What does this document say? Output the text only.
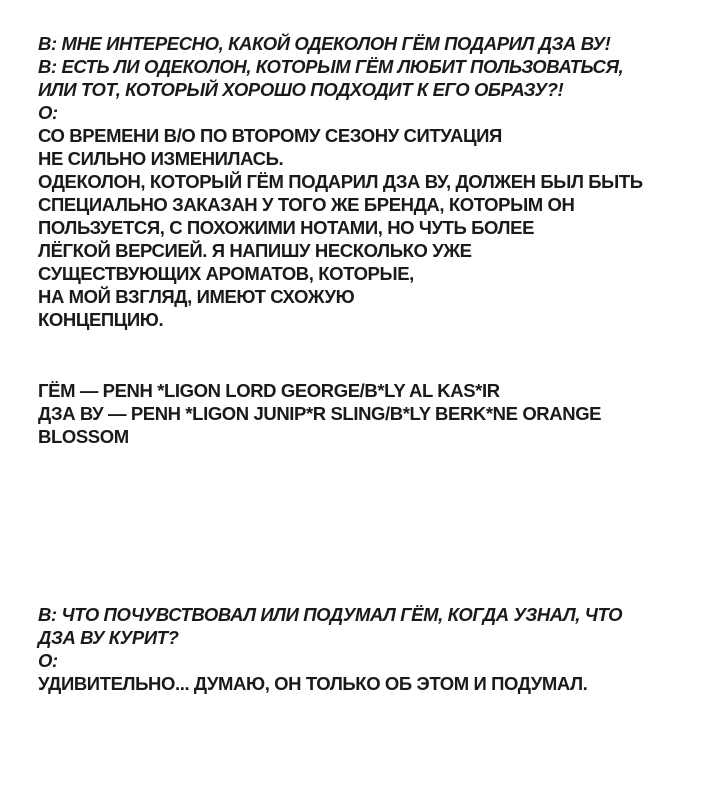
В: МНЕ ИНТЕРЕСНО, КАКОЙ ОДЕКОЛОН ГЁМ ПОДАРИЛ ДЗА ВУ!
В: ЕСТЬ ЛИ ОДЕКОЛОН, КОТОРЫМ ГЁМ ЛЮБИТ ПОЛЬЗОВАТЬСЯ,
ИЛИ ТОТ, КОТОРЫЙ ХОРОШО ПОДХОДИТ К ЕГО ОБРАЗУ?!
О:
СО ВРЕМЕНИ В/О ПО ВТОРОМУ СЕЗОНУ СИТУАЦИЯ
НЕ СИЛЬНО ИЗМЕНИЛАСЬ.
ОДЕКОЛОН, КОТОРЫЙ ГЁМ ПОДАРИЛ ДЗА ВУ, ДОЛЖЕН БЫЛ БЫТЬ
СПЕЦИАЛЬНО ЗАКАЗАН У ТОГО ЖЕ БРЕНДА, КОТОРЫМ ОН
ПОЛЬЗУЕТСЯ, С ПОХОЖИМИ НОТАМИ, НО ЧУТЬ БОЛЕЕ
ЛЁГКОЙ ВЕРСИЕЙ. Я НАПИШУ НЕСКОЛЬКО УЖЕ
СУЩЕСТВУЮЩИХ АРОМАТОВ, КОТОРЫЕ,
НА МОЙ ВЗГЛЯД, ИМЕЮТ СХОЖУЮ
КОНЦЕПЦИЮ.
ГЁМ — PENH *LIGON LORD GEORGE/B*LY AL KAS*IR
ДЗА ВУ — PENH *LIGON JUNIP*R SLING/B*LY BERK*NE ORANGE
BLOSSOM
В: ЧТО ПОЧУВСТВОВАЛ ИЛИ ПОДУМАЛ ГЁМ, КОГДА УЗНАЛ, ЧТО
ДЗА ВУ КУРИТ?
О:
УДИВИТЕЛЬНО... ДУМАЮ, ОН ТОЛЬКО ОБ ЭТОМ И ПОДУМАЛ.
